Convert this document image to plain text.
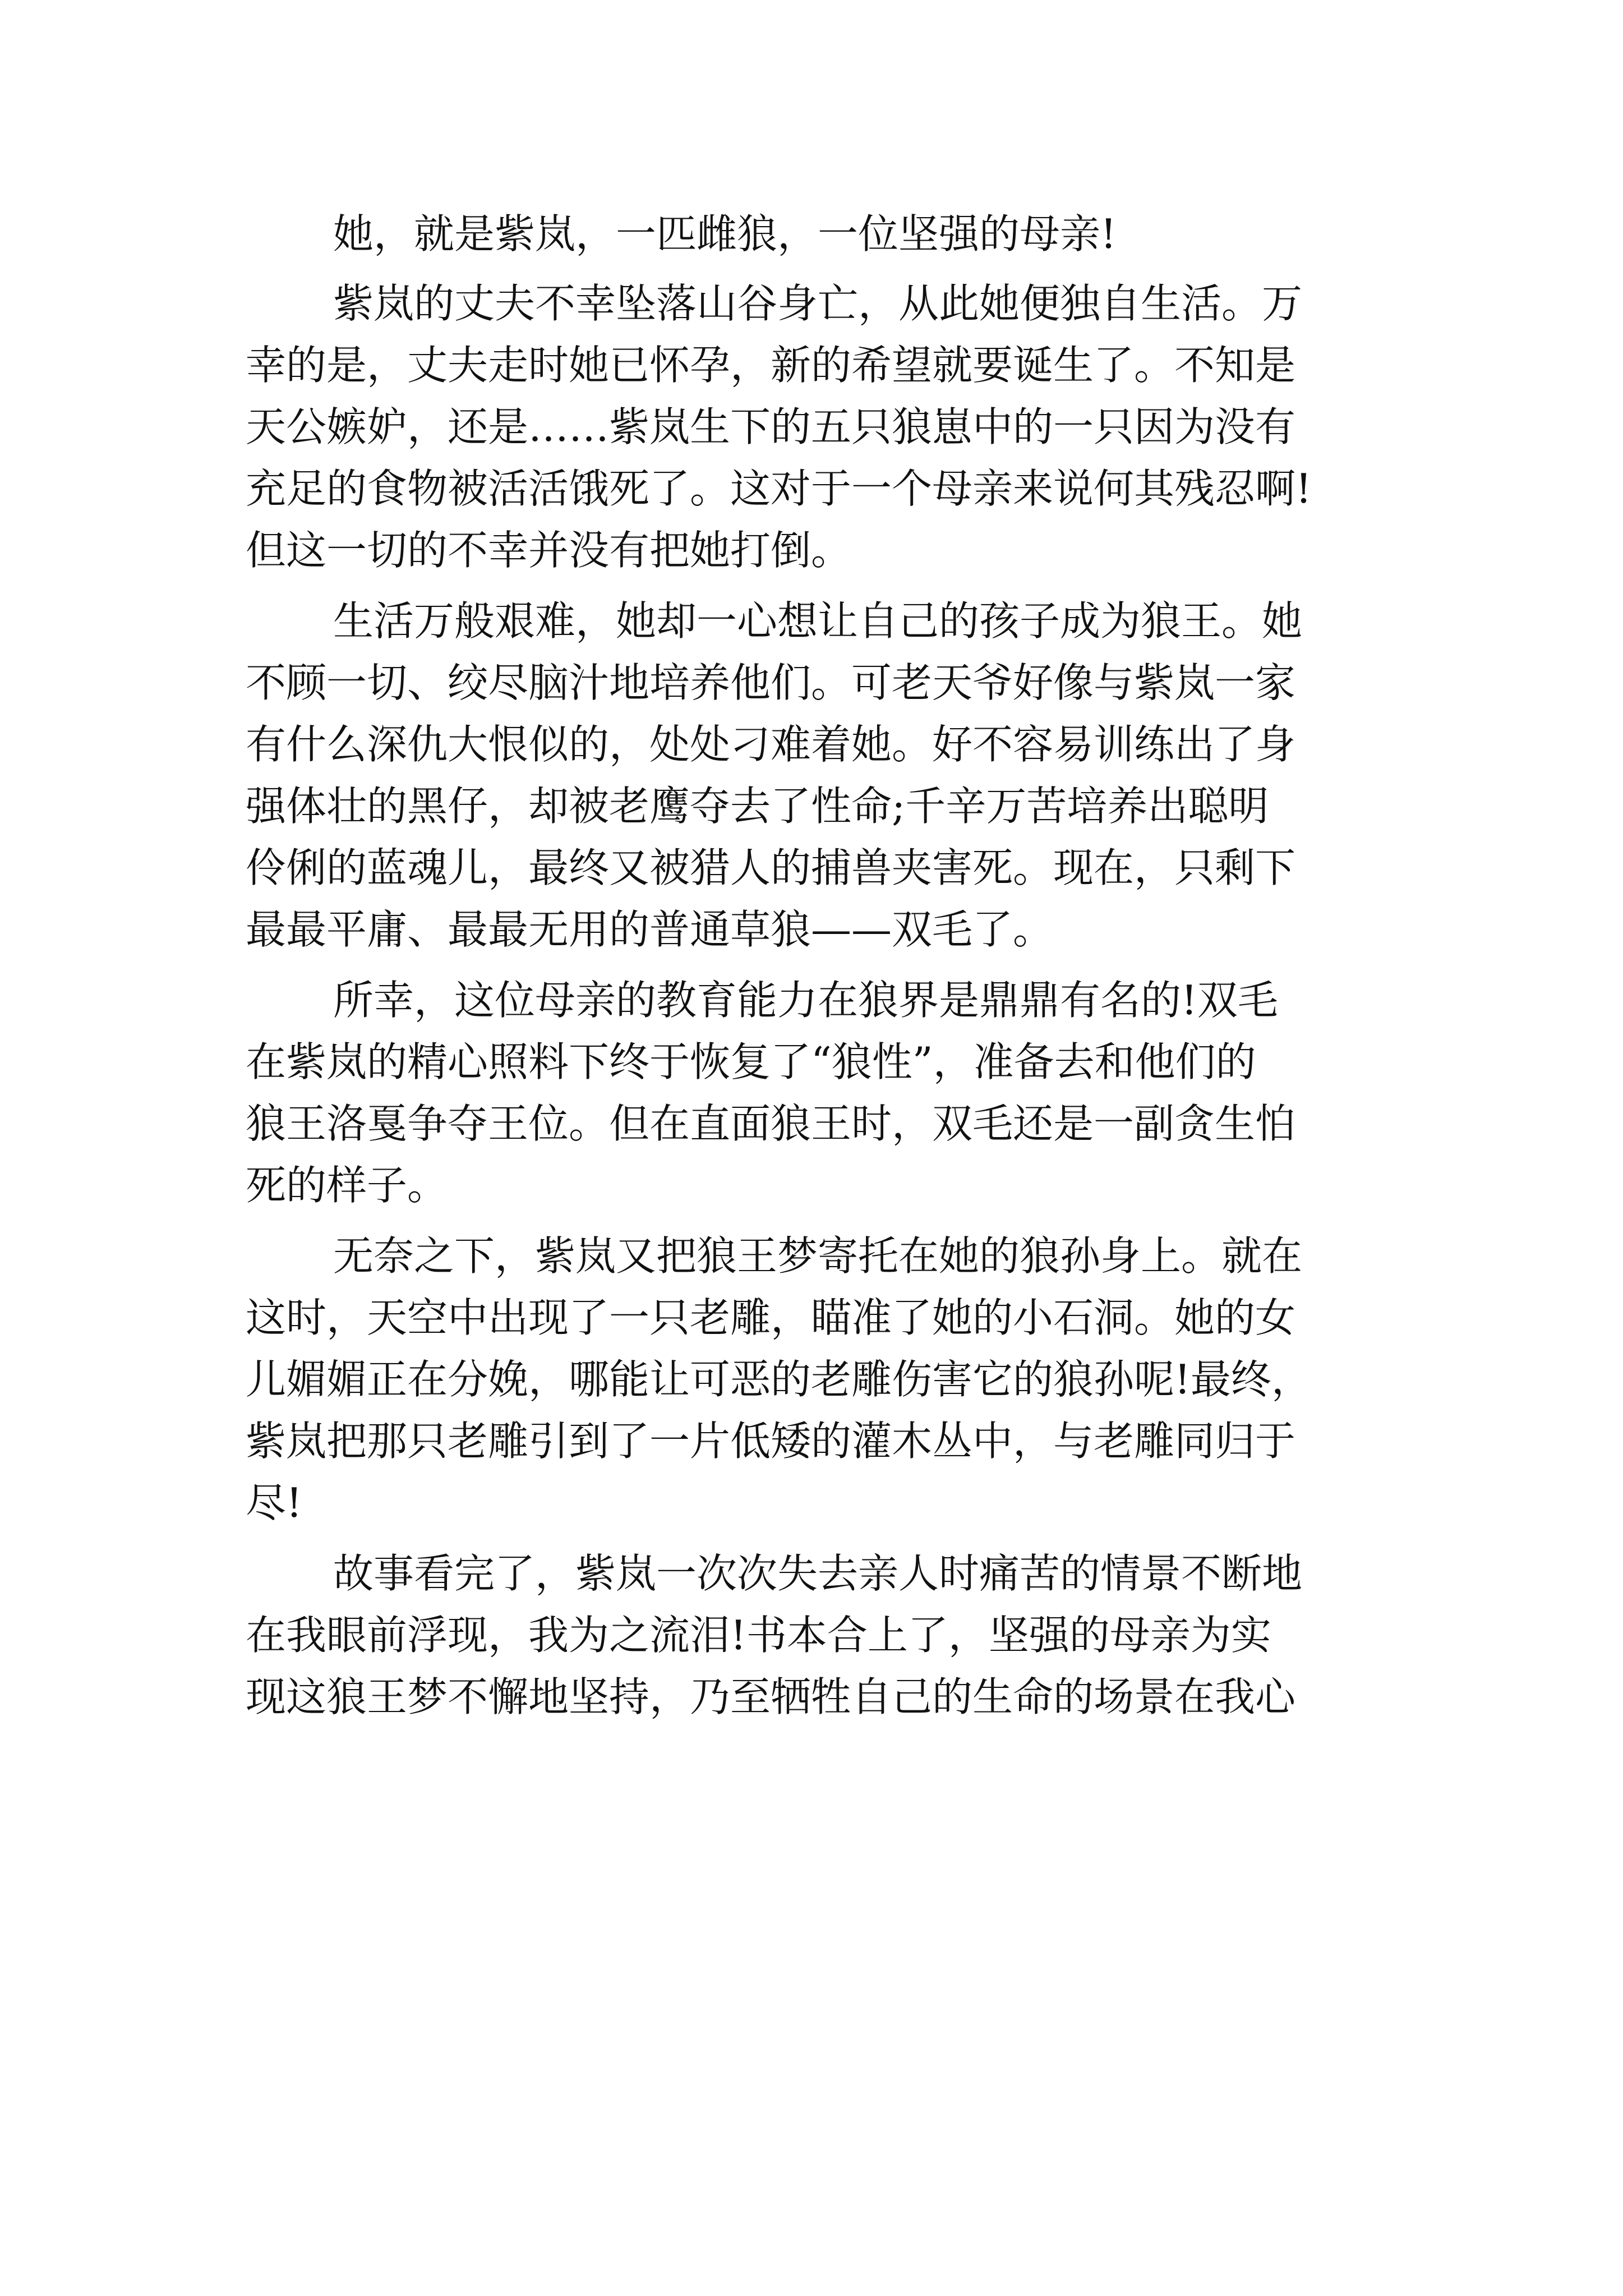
她，就是紫岚，一匹雌狼，一位坚强的母亲!
紫岚的丈夫不幸坠落山谷身亡，从此她便独自生活。万
幸的是，丈夫走时她已怀孕，新的希望就要诞生了。不知是
天公嫉妒，还是……紫岚生下的五只狼崽中的一只因为没有
充足的食物被活活饿死了。这对于一个母亲来说何其残忍啊!
但这一切的不幸并没有把她打倒。
生活万般艰难，她却一心想让自己的孩子成为狼王。她
不顾一切、绞尽脑汁地培养他们。可老天爷好像与紫岚一家
有什么深仇大恨似的，处处刁难着她。好不容易训练出了身
强体壮的黑仔，却被老鹰夺去了性命;千辛万苦培养出聪明
伶俐的蓝魂儿，最终又被猎人的捕兽夹害死。现在，只剩下
最最平庸、最最无用的普通草狼——双毛了。
所幸，这位母亲的教育能力在狼界是鼎鼎有名的!双毛
在紫岚的精心照料下终于恢复了“狼性”，准备去和他们的
狼王洛戛争夺王位。但在直面狼王时，双毛还是一副贪生怕
死的样子。
无奈之下，紫岚又把狼王梦寄托在她的狼孙身上。就在
这时，天空中出现了一只老雕，瞄准了她的小石洞。她的女
儿媚媚正在分娩，哪能让可恶的老雕伤害它的狼孙呢!最终，
紫岚把那只老雕引到了一片低矮的灌木丛中，与老雕同归于
尽!
故事看完了，紫岚一次次失去亲人时痛苦的情景不断地
在我眼前浮现，我为之流泪!书本合上了，坚强的母亲为实
现这狼王梦不懈地坚持，乃至牺牲自己的生命的场景在我心
